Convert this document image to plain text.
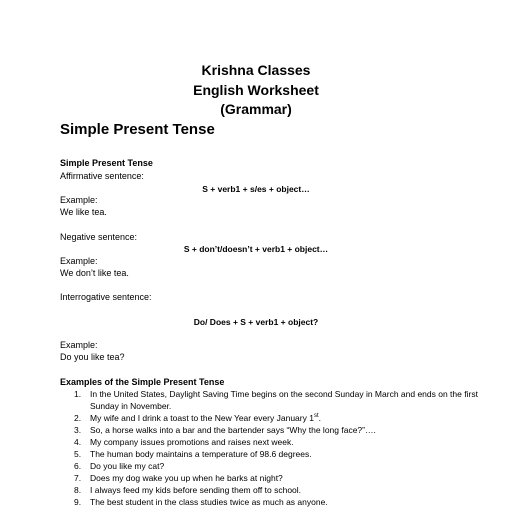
Krishna Classes
English Worksheet
(Grammar)
Simple Present Tense
Simple Present Tense
Affirmative sentence:
S + verb1 + s/es + object…
Example:
We like tea.
Negative sentence:
S + don’t/doesn’t + verb1 + object…
Example:
We don’t like tea.
Interrogative sentence:
Do/ Does + S + verb1 + object?
Example:
Do you like tea?
Examples of the Simple Present Tense
1. In the United States, Daylight Saving Time begins on the second Sunday in March and ends on the first Sunday in November.
2. My wife and I drink a toast to the New Year every January 1st.
3. So, a horse walks into a bar and the bartender says “Why the long face?”….
4. My company issues promotions and raises next week.
5. The human body maintains a temperature of 98.6 degrees.
6. Do you like my cat?
7. Does my dog wake you up when he barks at night?
8. I always feed my kids before sending them off to school.
9. The best student in the class studies twice as much as anyone.
